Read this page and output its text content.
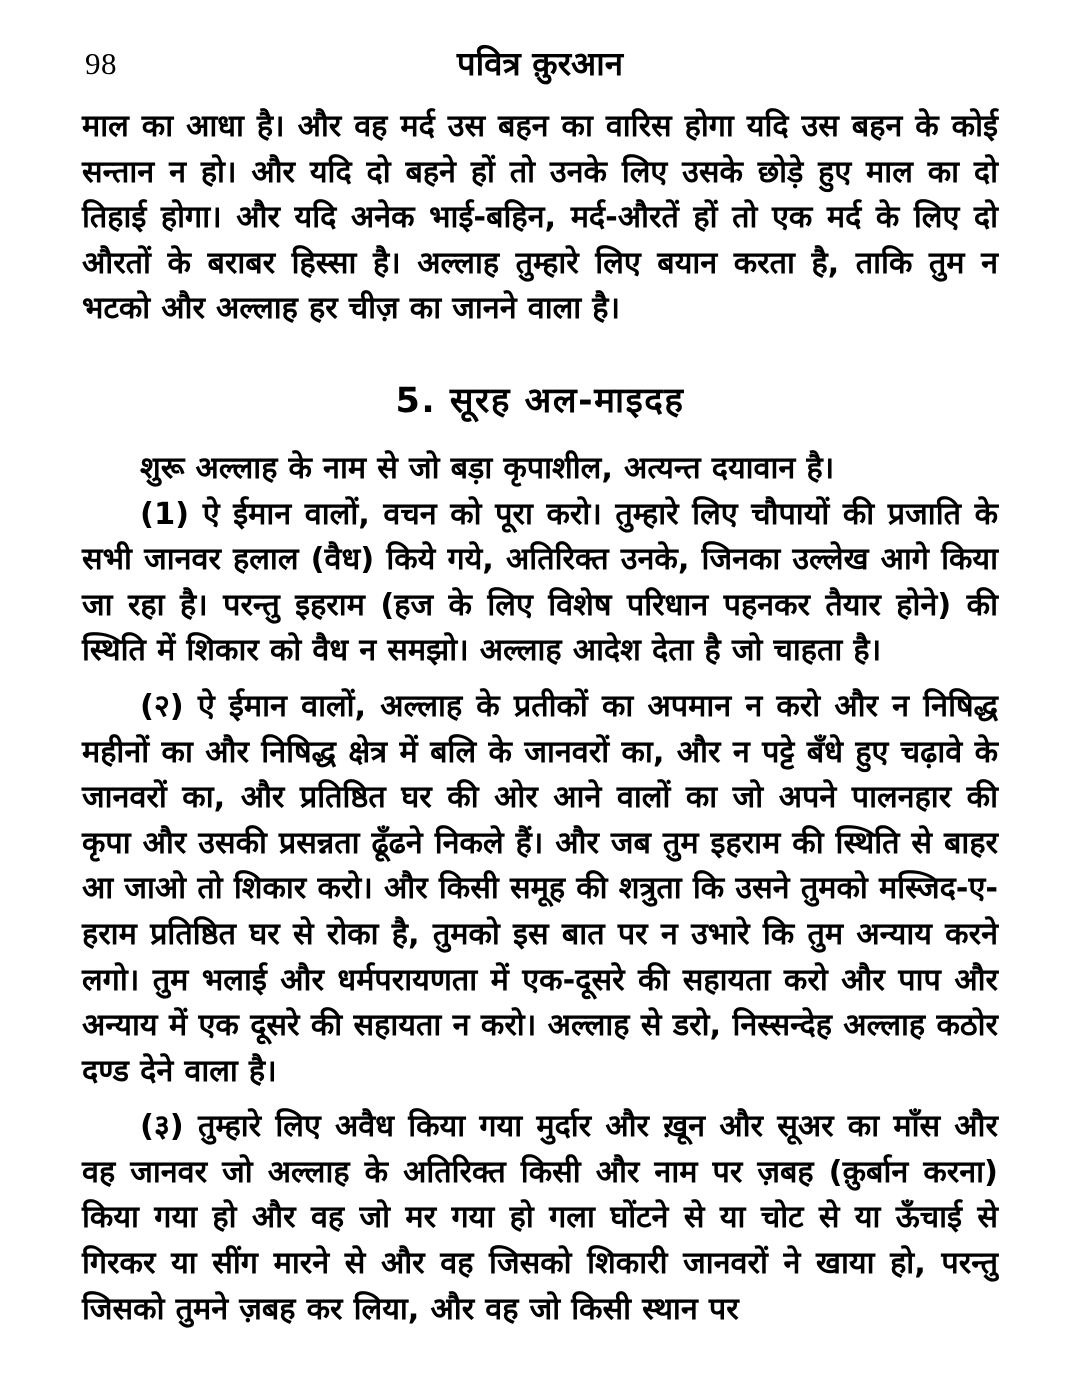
98	पवित्र क़ुरआन

माल का आधा है। और वह मर्द उस बहन का वारिस होगा यदि उस बहन के कोई सन्तान न हो। और यदि दो बहने हों तो उनके लिए उसके छोड़े हुए माल का दो तिहाई होगा। और यदि अनेक भाई-बहिन, मर्द-औरतें हों तो एक मर्द के लिए दो औरतों के बराबर हिस्सा है। अल्लाह तुम्हारे लिए बयान करता है, ताकि तुम न भटको और अल्लाह हर चीज़ का जानने वाला है।

5. सूरह अल-माइदह

शुरू अल्लाह के नाम से जो बड़ा कृपाशील, अत्यन्त दयावान है।

(1) ऐ ईमान वालों, वचन को पूरा करो। तुम्हारे लिए चौपायों की प्रजाति के सभी जानवर हलाल (वैध) किये गये, अतिरिक्त उनके, जिनका उल्लेख आगे किया जा रहा है। परन्तु इहराम (हज के लिए विशेष परिधान पहनकर तैयार होने) की स्थिति में शिकार को वैध न समझो। अल्लाह आदेश देता है जो चाहता है।

(२) ऐ ईमान वालों, अल्लाह के प्रतीकों का अपमान न करो और न निषिद्ध महीनों का और निषिद्ध क्षेत्र में बलि के जानवरों का, और न पट्टे बँधे हुए चढ़ावे के जानवरों का, और प्रतिष्ठित घर की ओर आने वालों का जो अपने पालनहार की कृपा और उसकी प्रसन्नता ढूँढने निकले हैं। और जब तुम इहराम की स्थिति से बाहर आ जाओ तो शिकार करो। और किसी समूह की शत्रुता कि उसने तुमको मस्जिद-ए-हराम प्रतिष्ठित घर से रोका है, तुमको इस बात पर न उभारे कि तुम अन्याय करने लगो। तुम भलाई और धर्मपरायणता में एक-दूसरे की सहायता करो और पाप और अन्याय में एक दूसरे की सहायता न करो। अल्लाह से डरो, निस्सन्देह अल्लाह कठोर दण्ड देने वाला है।

(३) तुम्हारे लिए अवैध किया गया मुर्दार और ख़ून और सूअर का माँस और वह जानवर जो अल्लाह के अतिरिक्त किसी और नाम पर ज़बह (क़ुर्बान करना) किया गया हो और वह जो मर गया हो गला घोंटने से या चोट से या ऊँचाई से गिरकर या सींग मारने से और वह जिसको शिकारी जानवरों ने खाया हो, परन्तु जिसको तुमने ज़बह कर लिया, और वह जो किसी स्थान पर
